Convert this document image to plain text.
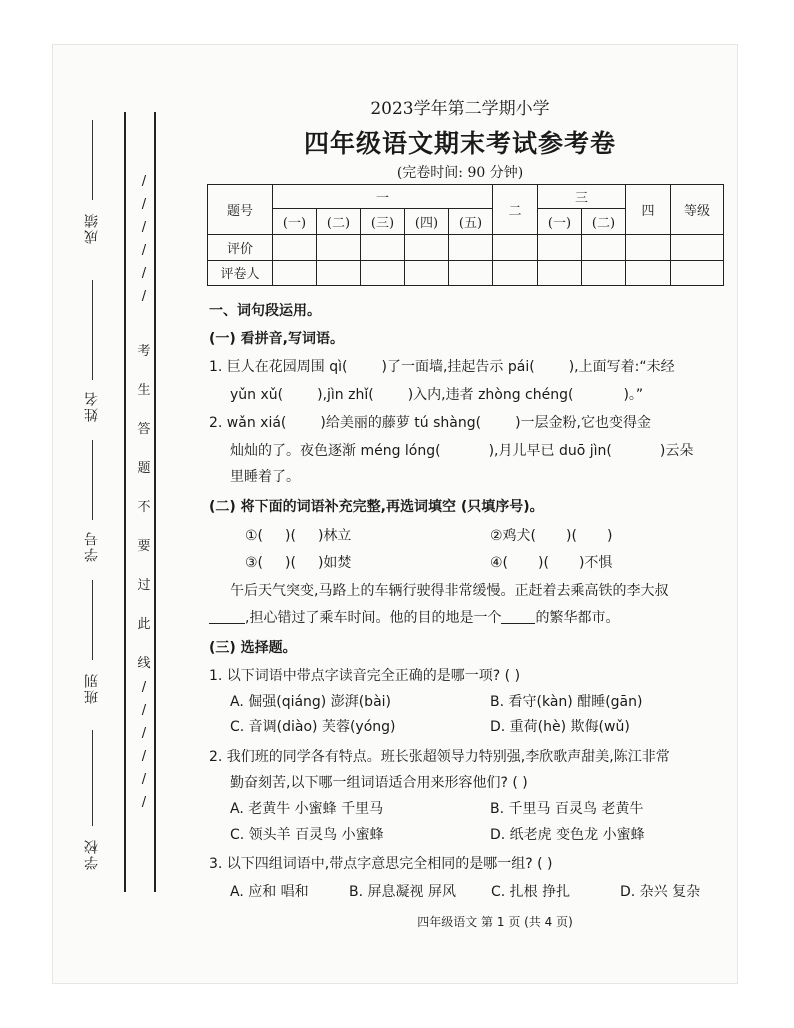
成绩
姓名
学号
班别
学校
/
/
/
/
/
/
/
/
/
/
/
/
考
生
答
题
不
要
过
此
线
2023学年第二学期小学
四年级语文期末考试参考卷
(完卷时间: 90 分钟)
题号	一					二	三		四	等级
	(一)	(二)	(三)	(四)	(五)		(一)	(二)		
评价										
评卷人										
一、词句段运用。
(一) 看拼音,写词语。
1. 巨人在花园周围 qì( )了一面墙,挂起告示 pái( ),上面写着:“未经
yǔn xǔ( ),jìn zhǐ( )入内,违者 zhòng chéng(	)。”
2. wǎn xiá( )给美丽的藤萝 tú shàng( )一层金粉,它也变得金
灿灿的了。夜色逐渐 méng lóng(	),月儿早已 duō jìn(	)云朵
里睡着了。
(二) 将下面的词语补充完整,再选词填空 (只填序号)。
①( )( )林立	②鸡犬( )( )
③( )( )如焚	④( )( )不惧
午后天气突变,马路上的车辆行驶得非常缓慢。正赶着去乘高铁的李大叔
,担心错过了乘车时间。他的目的地是一个 的繁华都市。
(三) 选择题。
1. 以下词语中带点字读音完全正确的是哪一项? ( )
A. 倔强(qiáng) 澎湃(bài)	B. 看守(kàn) 酣睡(gān)
C. 音调(diào) 芙蓉(yóng)	D. 重荷(hè) 欺侮(wǔ)
2. 我们班的同学各有特点。班长张超领导力特别强,李欣歌声甜美,陈江非常
勤奋刻苦,以下哪一组词语适合用来形容他们? ( )
A. 老黄牛 小蜜蜂 千里马	B. 千里马 百灵鸟 老黄牛
C. 领头羊 百灵鸟 小蜜蜂	D. 纸老虎 变色龙 小蜜蜂
3. 以下四组词语中,带点字意思完全相同的是哪一组? ( )
A. 应和 唱和	B. 屏息凝视 屏风	C. 扎根 挣扎	D. 杂兴 复杂
四年级语文 第 1 页 (共 4 页)
